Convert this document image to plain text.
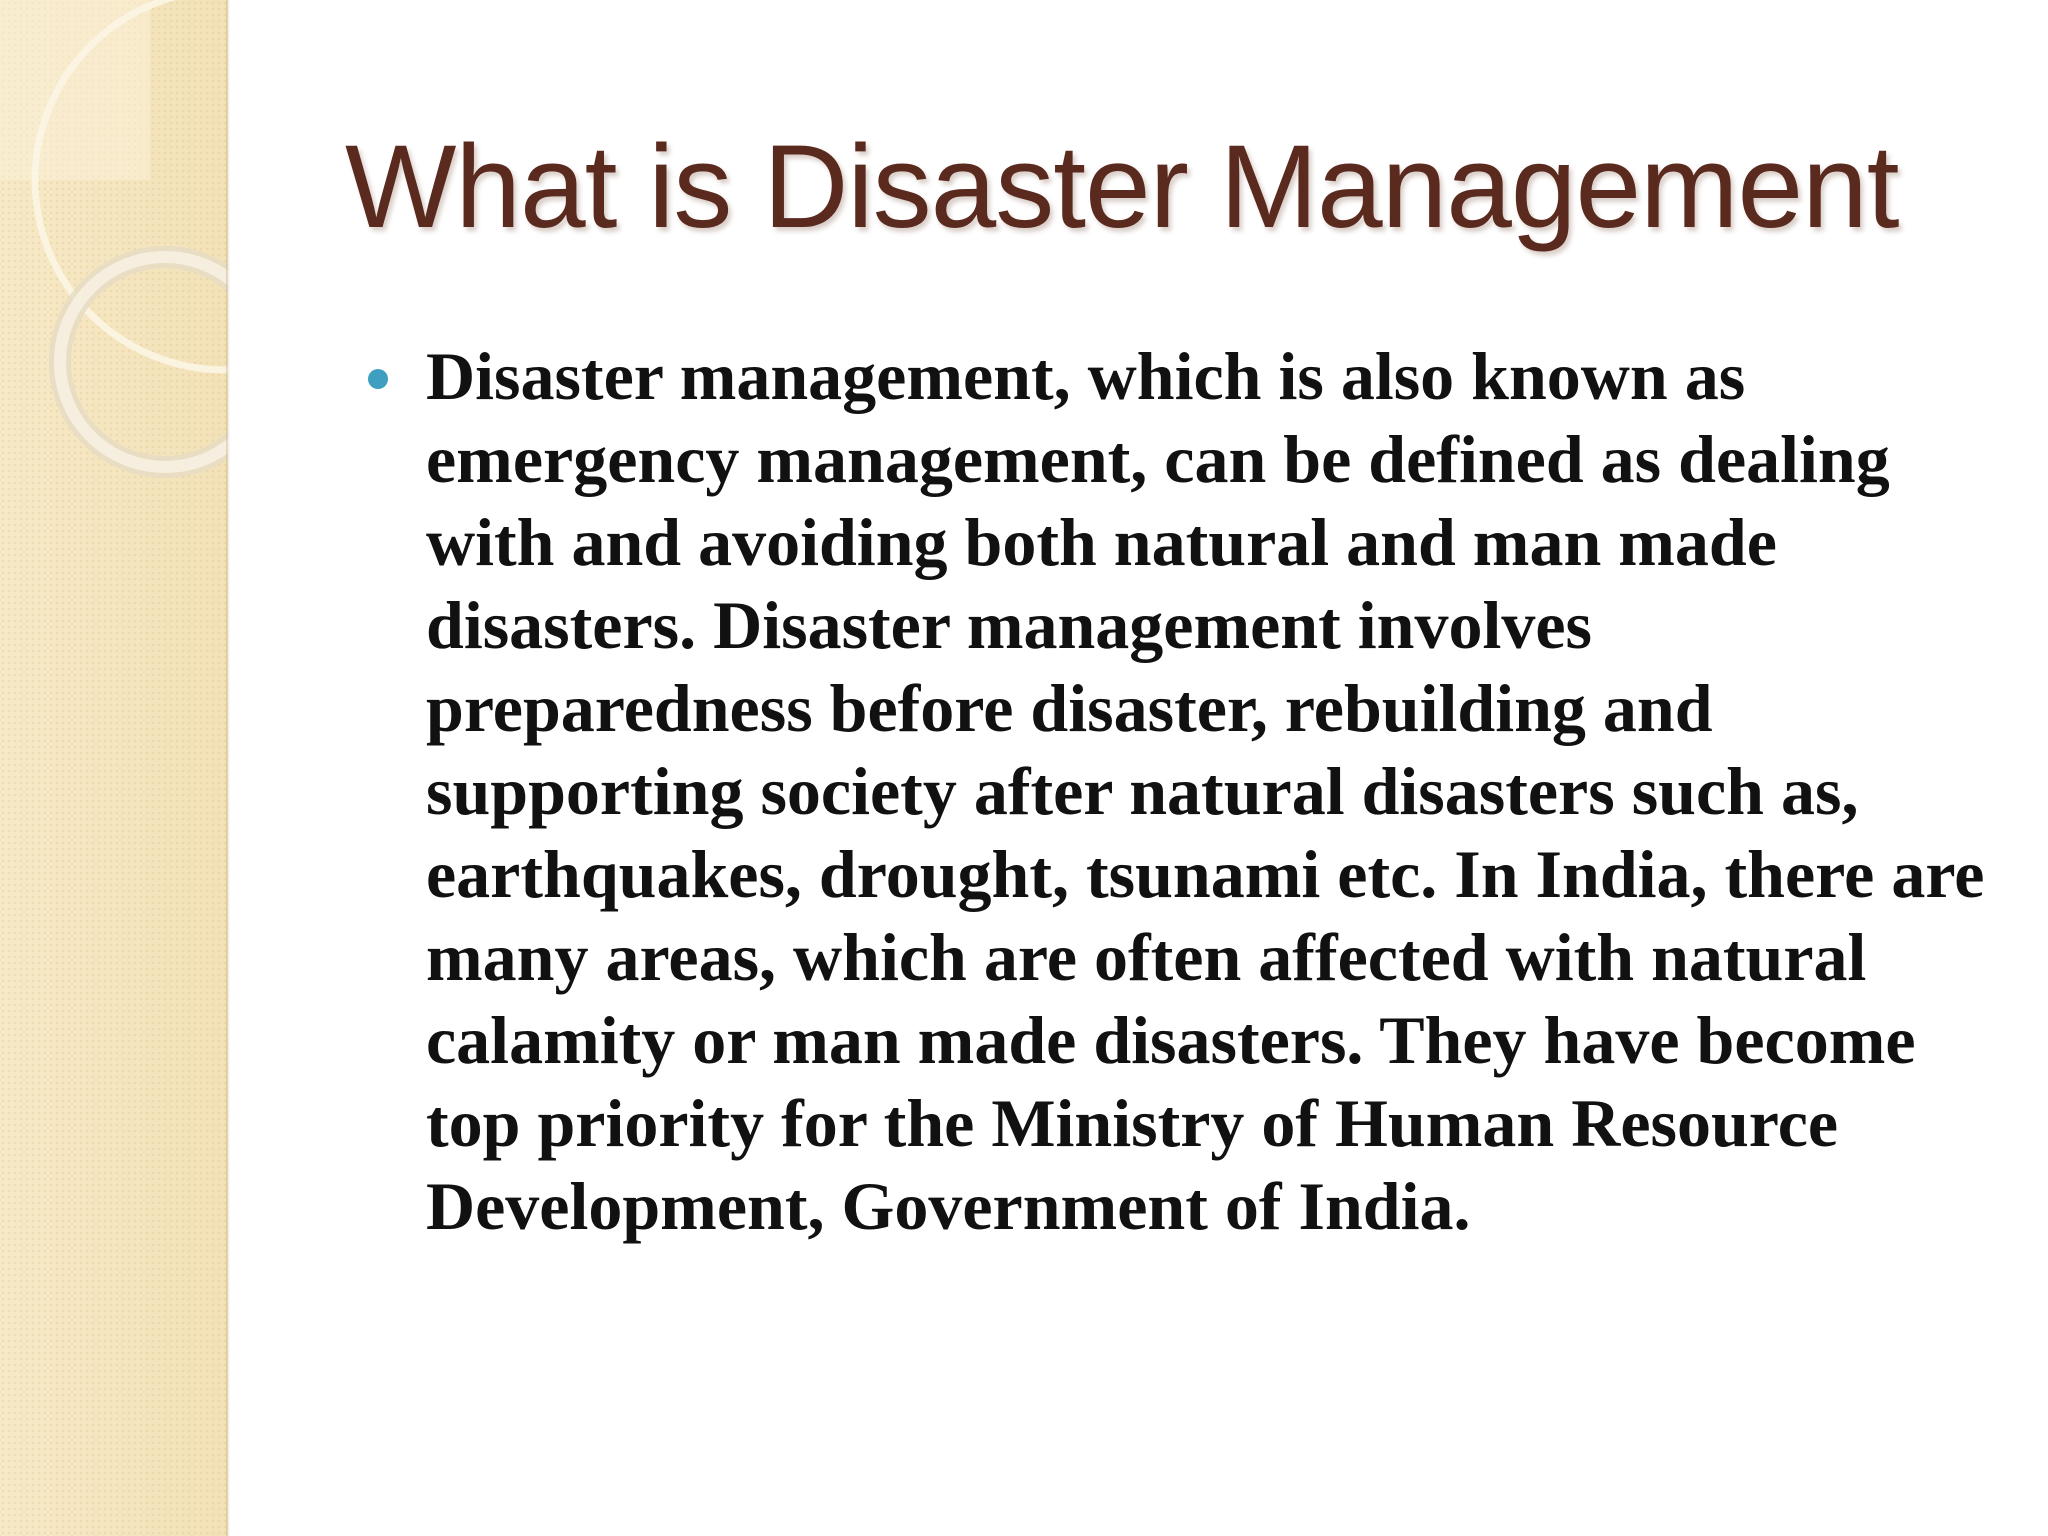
What is Disaster Management
Disaster management, which is also known as emergency management, can be defined as dealing with and avoiding both natural and man made disasters. Disaster management involves preparedness before disaster, rebuilding and supporting society after natural disasters such as, earthquakes, drought, tsunami etc. In India, there are many areas, which are often affected with natural calamity or man made disasters. They have become top priority for the Ministry of Human Resource Development, Government of India.
